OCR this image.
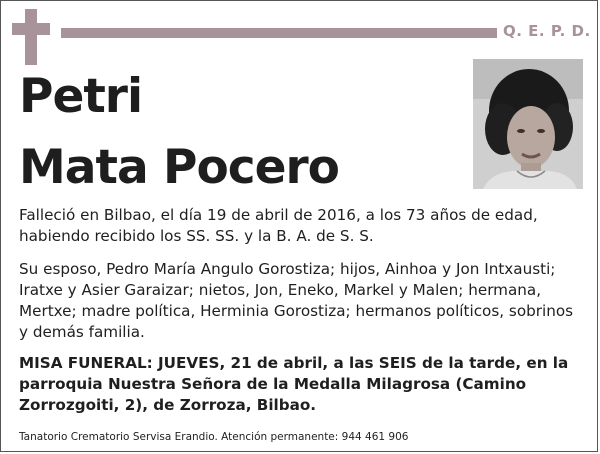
Q. E. P. D.
Petri
Mata Pocero

Falleció en Bilbao, el día 19 de abril de 2016, a los 73 años de edad, habiendo recibido los SS. SS. y la B. A. de S. S.

Su esposo, Pedro María Angulo Gorostiza; hijos, Ainhoa y Jon Intxausti; Iratxe y Asier Garaizar; nietos, Jon, Eneko, Markel y Malen; hermana, Mertxe; madre política, Herminia Gorostiza; hermanos políticos, sobrinos y demás familia.

MISA FUNERAL: JUEVES, 21 de abril, a las SEIS de la tarde, en la parroquia Nuestra Señora de la Medalla Milagrosa (Camino Zorrozgoiti, 2), de Zorroza, Bilbao.

Tanatorio Crematorio Servisa Erandio. Atención permanente: 944 461 906
